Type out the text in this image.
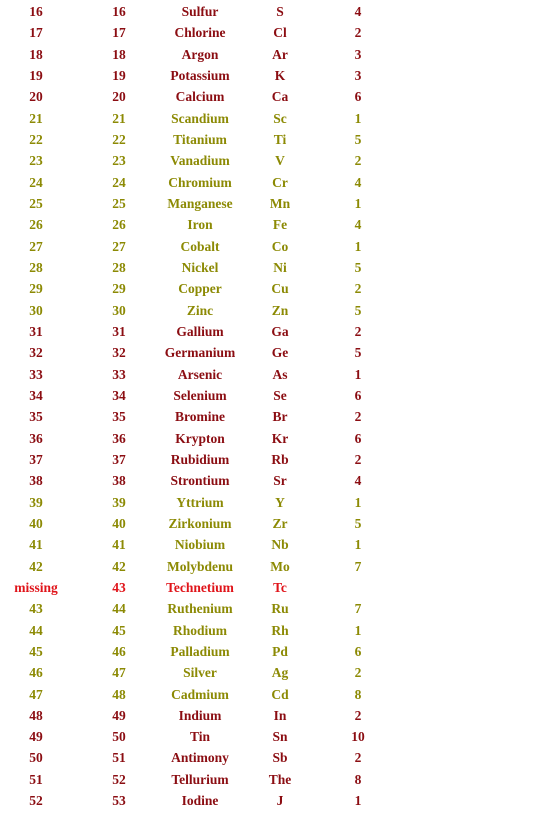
16	16	Sulfur	S	4
17	17	Chlorine	Cl	2
18	18	Argon	Ar	3
19	19	Potassium	K	3
20	20	Calcium	Ca	6
21	21	Scandium	Sc	1
22	22	Titanium	Ti	5
23	23	Vanadium	V	2
24	24	Chromium	Cr	4
25	25	Manganese	Mn	1
26	26	Iron	Fe	4
27	27	Cobalt	Co	1
28	28	Nickel	Ni	5
29	29	Copper	Cu	2
30	30	Zinc	Zn	5
31	31	Gallium	Ga	2
32	32	Germanium	Ge	5
33	33	Arsenic	As	1
34	34	Selenium	Se	6
35	35	Bromine	Br	2
36	36	Krypton	Kr	6
37	37	Rubidium	Rb	2
38	38	Strontium	Sr	4
39	39	Yttrium	Y	1
40	40	Zirkonium	Zr	5
41	41	Niobium	Nb	1
42	42	Molybdenu	Mo	7
missing	43	Technetium	Tc
43	44	Ruthenium	Ru	7
44	45	Rhodium	Rh	1
45	46	Palladium	Pd	6
46	47	Silver	Ag	2
47	48	Cadmium	Cd	8
48	49	Indium	In	2
49	50	Tin	Sn	10
50	51	Antimony	Sb	2
51	52	Tellurium	The	8
52	53	Iodine	J	1
